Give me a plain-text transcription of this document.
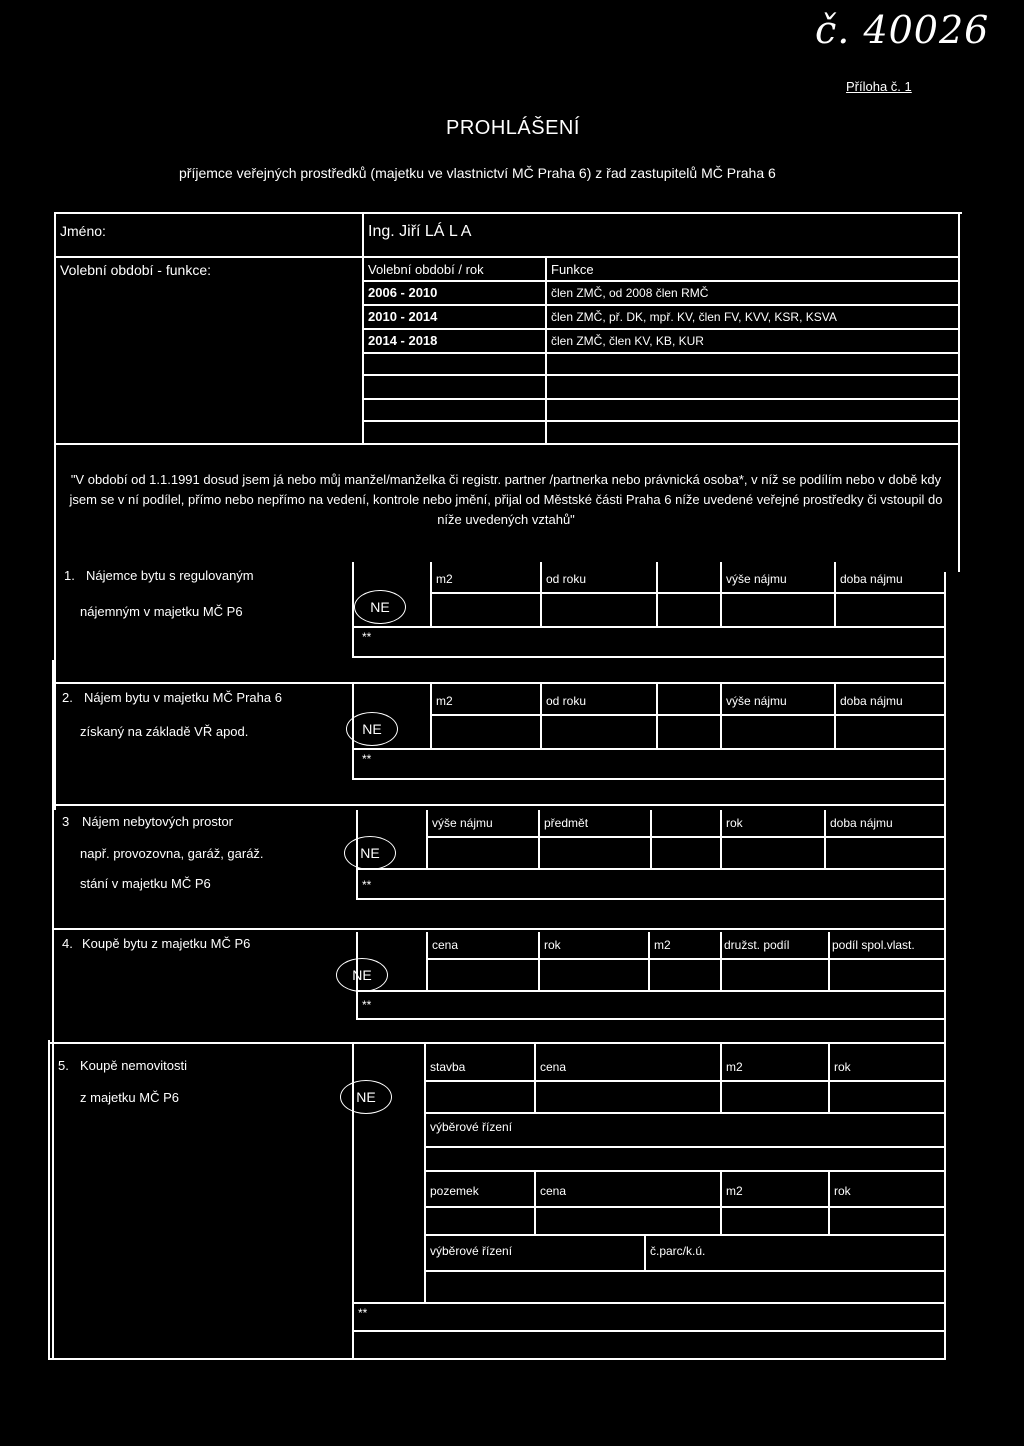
č. 40026
Příloha č. 1
PROHLÁŠENÍ
příjemce veřejných prostředků (majetku ve vlastnictví MČ Praha 6) z řad zastupitelů MČ Praha 6
Jméno:	Ing. Jiří LÁ L A
Volební období - funkce:	Volební období / rok	Funkce
2006 - 2010	člen ZMČ, od 2008 člen RMČ
2010 - 2014	člen ZMČ, př. DK, mpř. KV, člen FV, KVV, KSR, KSVA
2014 - 2018	člen ZMČ, člen KV, KB, KUR
"V období od 1.1.1991 dosud jsem já nebo můj manžel/manželka či registr. partner /partnerka nebo právnická osoba*, v níž se podílím nebo v době kdy jsem se v ní podílel, přímo nebo nepřímo na vedení, kontrole nebo jmění, přijal od Městské části Praha 6 níže uvedené veřejné prostředky či vstoupil do níže uvedených vztahů"
1. Nájemce bytu s regulovaným
nájemným v majetku MČ P6	NE
**
m2	od roku	výše nájmu	doba nájmu
2. Nájem bytu v majetku MČ Praha 6
získaný na základě VŘ apod.	NE
**
m2	od roku	výše nájmu	doba nájmu
3 Nájem nebytových prostor
např. provozovna, garáž, garáž.
stání v majetku MČ P6
NE
**
výše nájmu	předmět	rok	doba nájmu
4. Koupě bytu z majetku MČ P6
NE
**
cena	rok	m2	družst. podíl	podíl spol.vlast.
5. Koupě nemovitosti
z majetku MČ P6	NE
stavba	cena	m2	rok
výběrové řízení
pozemek	cena	m2	rok
výběrové řízení	č.parc/k.ú.
**
